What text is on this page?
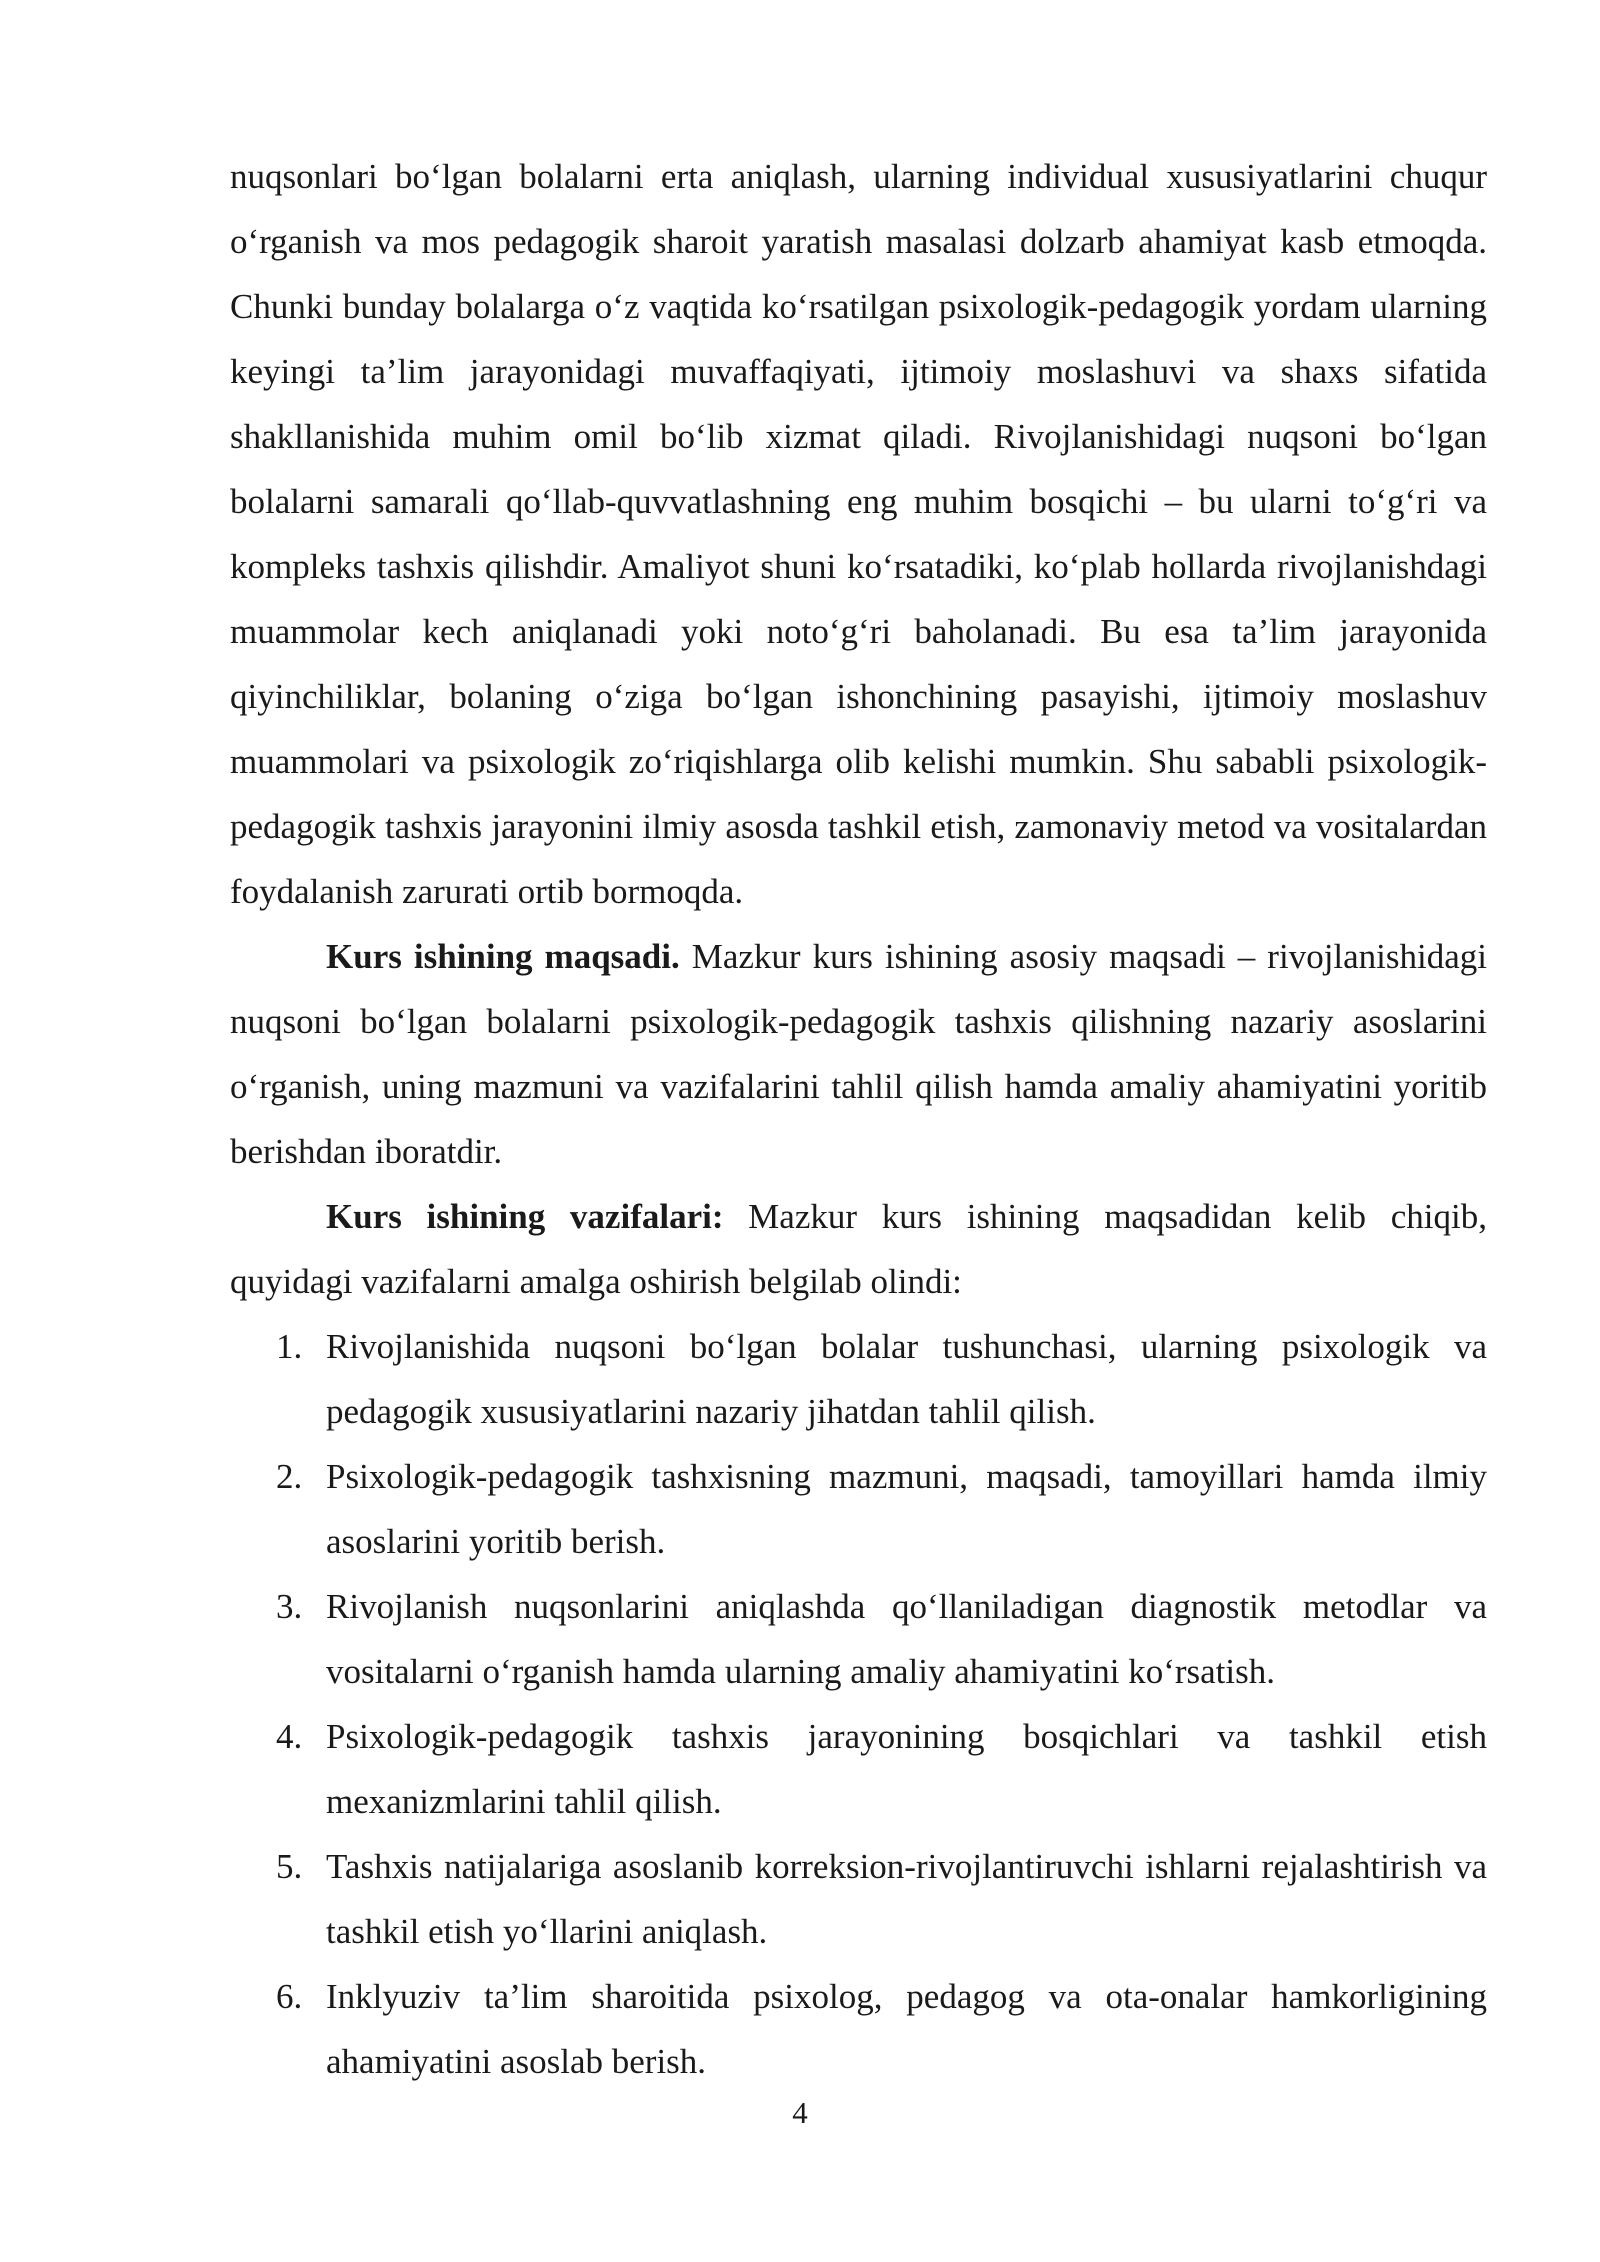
nuqsonlari bo‘lgan bolalarni erta aniqlash, ularning individual xususiyatlarini chuqur o‘rganish va mos pedagogik sharoit yaratish masalasi dolzarb ahamiyat kasb etmoqda. Chunki bunday bolalarga o‘z vaqtida ko‘rsatilgan psixologik-pedagogik yordam ularning keyingi ta’lim jarayonidagi muvaffaqiyati, ijtimoiy moslashuvi va shaxs sifatida shakllanishida muhim omil bo‘lib xizmat qiladi. Rivojlanishidagi nuqsoni bo‘lgan bolalarni samarali qo‘llab-quvvatlashning eng muhim bosqichi – bu ularni to‘g‘ri va kompleks tashxis qilishdir. Amaliyot shuni ko‘rsatadiki, ko‘plab hollarda rivojlanishdagi muammolar kech aniqlanadi yoki noto‘g‘ri baholanadi. Bu esa ta’lim jarayonida qiyinchiliklar, bolaning o‘ziga bo‘lgan ishonchining pasayishi, ijtimoiy moslashuv muammolari va psixologik zo‘riqishlarga olib kelishi mumkin. Shu sababli psixologik-pedagogik tashxis jarayonini ilmiy asosda tashkil etish, zamonaviy metod va vositalardan foydalanish zarurati ortib bormoqda.

Kurs ishining maqsadi. Mazkur kurs ishining asosiy maqsadi – rivojlanishidagi nuqsoni bo‘lgan bolalarni psixologik-pedagogik tashxis qilishning nazariy asoslarini o‘rganish, uning mazmuni va vazifalarini tahlil qilish hamda amaliy ahamiyatini yoritib berishdan iboratdir.

Kurs ishining vazifalari: Mazkur kurs ishining maqsadidan kelib chiqib, quyidagi vazifalarni amalga oshirish belgilab olindi:

1. Rivojlanishida nuqsoni bo‘lgan bolalar tushunchasi, ularning psixologik va pedagogik xususiyatlarini nazariy jihatdan tahlil qilish.
2. Psixologik-pedagogik tashxisning mazmuni, maqsadi, tamoyillari hamda ilmiy asoslarini yoritib berish.
3. Rivojlanish nuqsonlarini aniqlashda qo‘llaniladigan diagnostik metodlar va vositalarni o‘rganish hamda ularning amaliy ahamiyatini ko‘rsatish.
4. Psixologik-pedagogik tashxis jarayonining bosqichlari va tashkil etish mexanizmlarini tahlil qilish.
5. Tashxis natijalariga asoslanib korreksion-rivojlantiruvchi ishlarni rejalashtirish va tashkil etish yo‘llarini aniqlash.
6. Inklyuziv ta’lim sharoitida psixolog, pedagog va ota-onalar hamkorligining ahamiyatini asoslab berish.
4
